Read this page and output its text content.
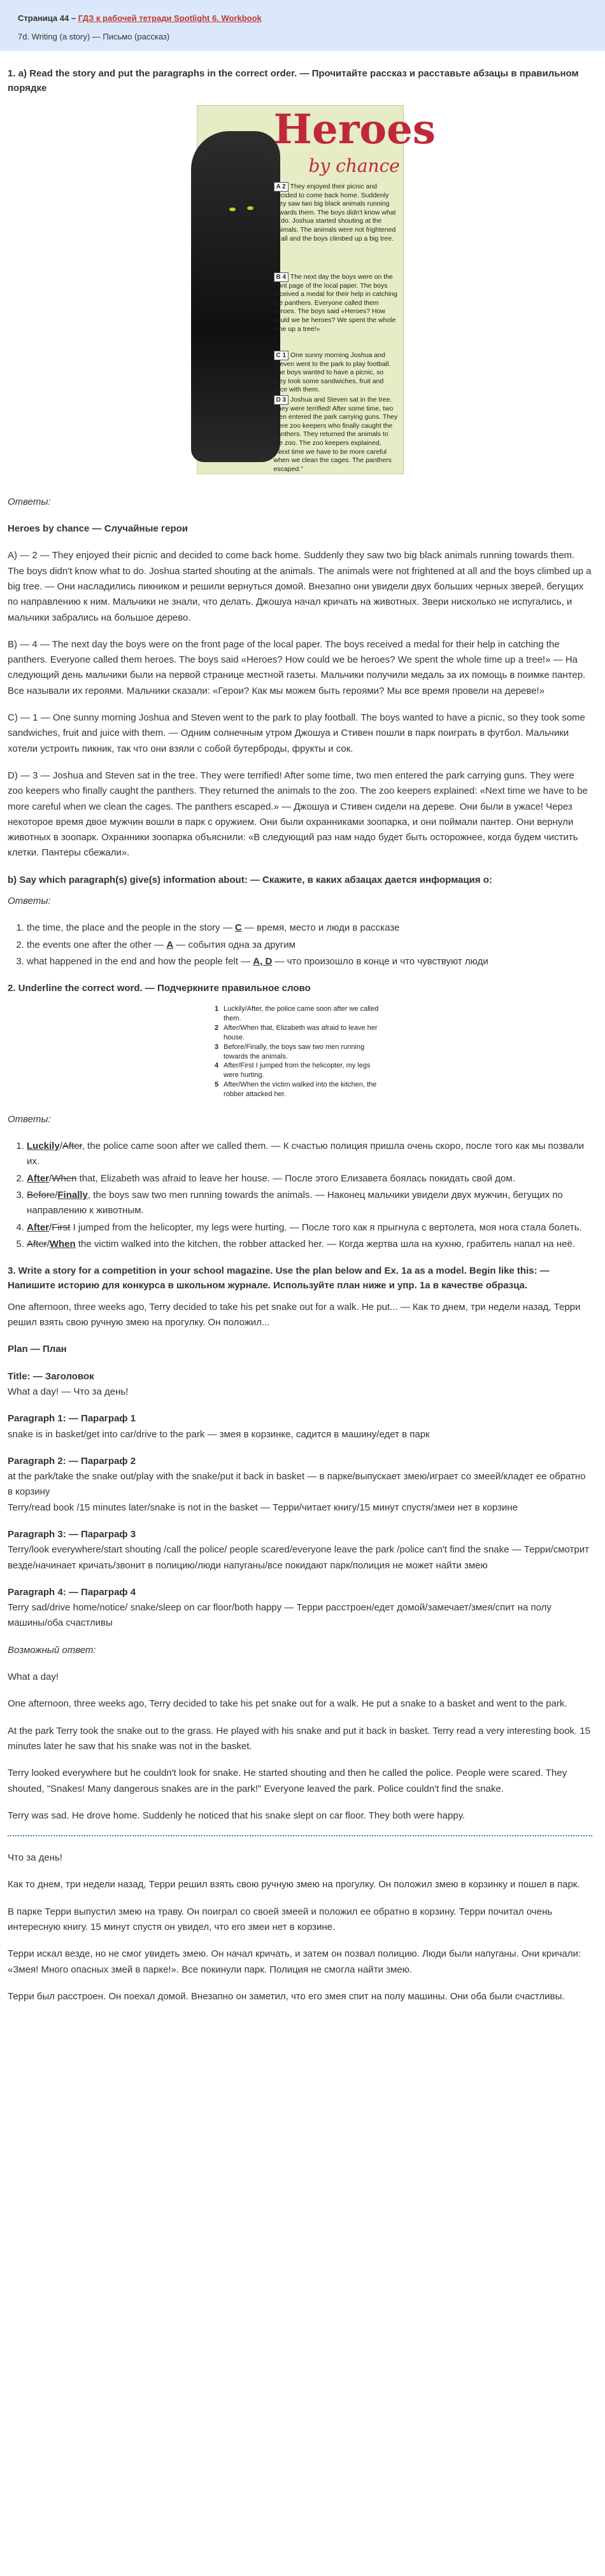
Страница 44 – ГДЗ к рабочей тетради Spotlight 6. Workbook
7d. Writing (a story) — Письмо (рассказ)
1. a) Read the story and put the paragraphs in the correct order. — Прочитайте рассказ и расставьте абзацы в правильном порядке
Heroes
by chance
A 2 They enjoyed their picnic and decided to come back home. Suddenly they saw two big black animals running towards them. The boys didn't know what to do. Joshua started shouting at the animals. The animals were not frightened at all and the boys climbed up a big tree.
B 4 The next day the boys were on the front page of the local paper. The boys received a medal for their help in catching the panthers. Everyone called them heroes. The boys said «Heroes? How could we be heroes? We spent the whole time up a tree!»
C 1 One sunny morning Joshua and Steven went to the park to play football. The boys wanted to have a picnic, so they took some sandwiches, fruit and juice with them.
D 3 Joshua and Steven sat in the tree. They were terrified! After some time, two men entered the park carrying guns. They were zoo keepers who finally caught the panthers. They returned the animals to the zoo. The zoo keepers explained, "Next time we have to be more careful when we clean the cages. The panthers escaped."

Ответы:

Heroes by chance — Случайные герои

A) — 2 — They enjoyed their picnic and decided to come back home. Suddenly they saw two big black animals running towards them. The boys didn't know what to do. Joshua started shouting at the animals. The animals were not frightened at all and the boys climbed up a big tree. — Они насладились пикником и решили вернуться домой. Внезапно они увидели двух больших черных зверей, бегущих по направлению к ним. Мальчики не знали, что делать. Джошуа начал кричать на животных. Звери нисколько не испугались, и мальчики забрались на большое дерево.

B) — 4 — The next day the boys were on the front page of the local paper. The boys received a medal for their help in catching the panthers. Everyone called them heroes. The boys said «Heroes? How could we be heroes? We spent the whole time up a tree!» — На следующий день мальчики были на первой странице местной газеты. Мальчики получили медаль за их помощь в поимке пантер. Все называли их героями. Мальчики сказали: «Герои? Как мы можем быть героями? Мы все время провели на дереве!»

C) — 1 — One sunny morning Joshua and Steven went to the park to play football. The boys wanted to have a picnic, so they took some sandwiches, fruit and juice with them. — Одним солнечным утром Джошуа и Стивен пошли в парк поиграть в футбол. Мальчики хотели устроить пикник, так что они взяли с собой бутерброды, фрукты и сок.

D) — 3 — Joshua and Steven sat in the tree. They were terrified! After some time, two men entered the park carrying guns. They were zoo keepers who finally caught the panthers. They returned the animals to the zoo. The zoo keepers explained: «Next time we have to be more careful when we clean the cages. The panthers escaped.» — Джошуа и Стивен сидели на дереве. Они были в ужасе! Через некоторое время двое мужчин вошли в парк с оружием. Они были охранниками зоопарка, и они поймали пантер. Они вернули животных в зоопарк. Охранники зоопарка объяснили: «В следующий раз нам надо будет быть осторожнее, когда будем чистить клетки. Пантеры сбежали».

b) Say which paragraph(s) give(s) information about: — Скажите, в каких абзацах дается информация о:

Ответы:

1. the time, the place and the people in the story — C — время, место и люди в рассказе
2. the events one after the other — A — события одна за другим
3. what happened in the end and how the people felt — A, D — что произошло в конце и что чувствуют люди
2. Underline the correct word. — Подчеркните правильное слово
1 Luckily/After, the police came soon after we called them.
2 After/When that, Elizabeth was afraid to leave her house.
3 Before/Finally, the boys saw two men running towards the animals.
4 After/First I jumped from the helicopter, my legs were hurting.
5 After/When the victim walked into the kitchen, the robber attacked her.

Ответы:

1. Luckily/After, the police came soon after we called them. — К счастью полиция пришла очень скоро, после того как мы позвали их.
2. After/When that, Elizabeth was afraid to leave her house. — После этого Елизавета боялась покидать свой дом.
3. Before/Finally, the boys saw two men running towards the animals. — Наконец мальчики увидели двух мужчин, бегущих по направлению к животным.
4. After/First I jumped from the helicopter, my legs were hurting. — После того как я прыгнула с вертолета, моя нога стала болеть.
5. After/When the victim walked into the kitchen, the robber attacked her. — Когда жертва шла на кухню, грабитель напал на неё.
3. Write a story for a competition in your school magazine. Use the plan below and Ex. 1a as a model. Begin like this: — Напишите историю для конкурса в школьном журнале. Используйте план ниже и упр. 1a в качестве образца.

One afternoon, three weeks ago, Terry decided to take his pet snake out for a walk. He put... — Как то днем, три недели назад, Терри решил взять свою ручную змею на прогулку. Он положил...

Plan — План

Title: — Заголовок

What a day! — Что за день!

Paragraph 1: — Параграф 1

snake is in basket/get into car/drive to the park — змея в корзинке, садится в машину/едет в парк

Paragraph 2: — Параграф 2

at the park/take the snake out/play with the snake/put it back in basket — в парке/выпускает змею/играет со змеей/кладет ее обратно в корзину
Terry/read book /15 minutes later/snake is not in the basket — Терри/читает книгу/15 минут спустя/змеи нет в корзине

Paragraph 3: — Параграф 3

Terry/look everywhere/start shouting /call the police/ people scared/everyone leave the park /police can't find the snake — Терри/смотрит везде/начинает кричать/звонит в полицию/люди напуганы/все покидают парк/полиция не может найти змею

Paragraph 4: — Параграф 4

Terry sad/drive home/notice/ snake/sleep on car floor/both happy — Терри расстроен/едет домой/замечает/змея/спит на полу машины/оба счастливы

Возможный ответ:

What a day!

One afternoon, three weeks ago, Terry decided to take his pet snake out for a walk. He put a snake to a basket and went to the park.

At the park Terry took the snake out to the grass. He played with his snake and put it back in basket. Terry read a very interesting book. 15 minutes later he saw that his snake was not in the basket.

Terry looked everywhere but he couldn't look for snake. He started shouting and then he called the police. People were scared. They shouted, "Snakes! Many dangerous snakes are in the park!" Everyone leaved the park. Police couldn't find the snake.

Terry was sad. He drove home. Suddenly he noticed that his snake slept on car floor. They both were happy.

Что за день!

Как то днем, три недели назад, Терри решил взять свою ручную змею на прогулку. Он положил змею в корзинку и пошел в парк.

В парке Терри выпустил змею на траву. Он поиграл со своей змеей и положил ее обратно в корзину. Терри почитал очень интересную книгу. 15 минут спустя он увидел, что его змеи нет в корзине.

Терри искал везде, но не смог увидеть змею. Он начал кричать, и затем он позвал полицию. Люди были напуганы. Они кричали: «Змея! Много опасных змей в парке!». Все покинули парк. Полиция не смогла найти змею.

Терри был расстроен. Он поехал домой. Внезапно он заметил, что его змея спит на полу машины. Они оба были счастливы.
